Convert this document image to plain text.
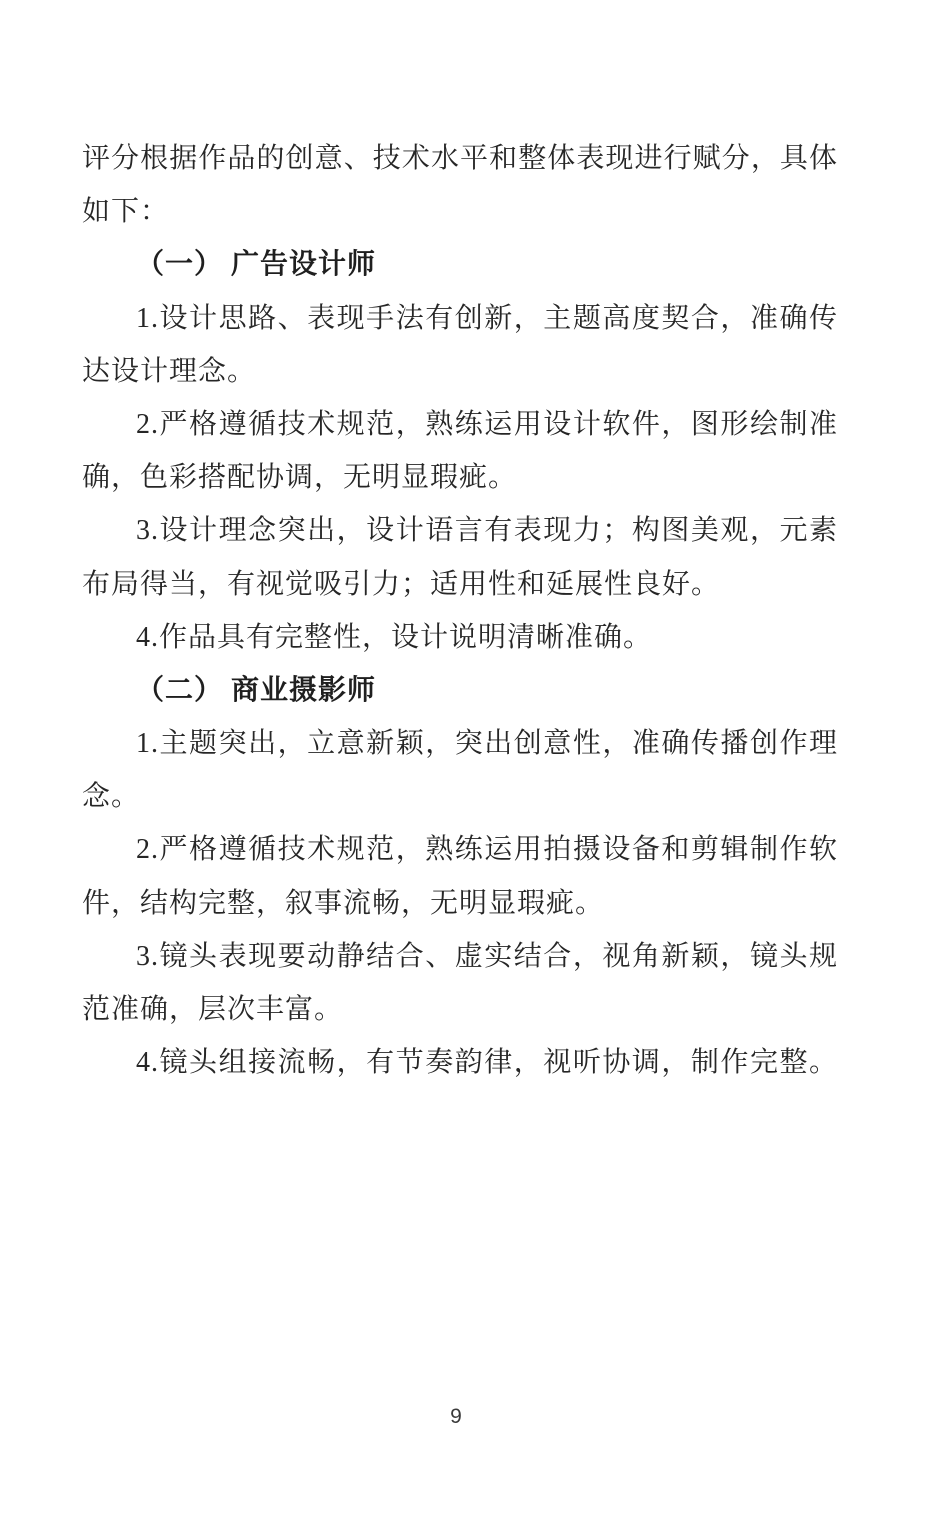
评分根据作品的创意、技术水平和整体表现进行赋分，具体
如下：
（一） 广告设计师
1.设计思路、表现手法有创新，主题高度契合，准确传
达设计理念。
2.严格遵循技术规范，熟练运用设计软件，图形绘制准
确，色彩搭配协调，无明显瑕疵。
3.设计理念突出，设计语言有表现力；构图美观，元素
布局得当，有视觉吸引力；适用性和延展性良好。
4.作品具有完整性，设计说明清晰准确。
（二） 商业摄影师
1.主题突出，立意新颖，突出创意性，准确传播创作理
念。
2.严格遵循技术规范，熟练运用拍摄设备和剪辑制作软
件，结构完整，叙事流畅，无明显瑕疵。
3.镜头表现要动静结合、虚实结合，视角新颖，镜头规
范准确，层次丰富。
4.镜头组接流畅，有节奏韵律，视听协调，制作完整。
9
